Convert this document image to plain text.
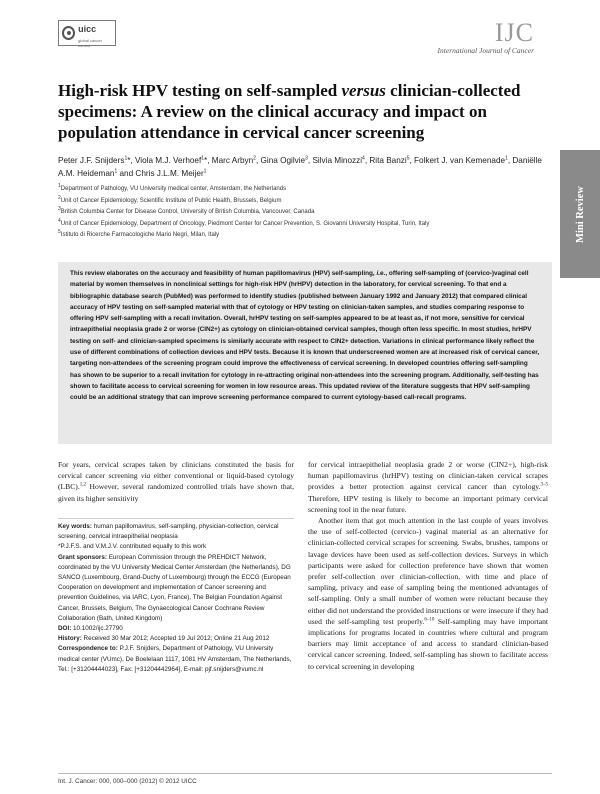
uicc
global cancer control	IJC
International Journal of Cancer
High-risk HPV testing on self-sampled versus clinician-collected specimens: A review on the clinical accuracy and impact on population attendance in cervical cancer screening
Peter J.F. Snijders$^1$*, Viola M.J. Verhoef$^1$*, Marc Arbyn$^2$, Gina Ogilvie$^3$, Silvia Minozzi$^4$, Rita Banzi$^5$, Folkert J. van Kemenade$^1$, Daniëlle A.M. Heideman$^1$ and Chris J.L.M. Meijer$^1$
$^1$Department of Pathology, VU University medical center, Amsterdam, the Netherlands
$^2$Unit of Cancer Epidemiology, Scientific Institute of Public Health, Brussels, Belgium
$^3$British Columbia Center for Disease Control, University of British Columbia, Vancouver, Canada
$^4$Unit of Cancer Epidemiology, Department of Oncology, Piedmont Center for Cancer Prevention, S. Giovanni University Hospital, Turin, Italy
$^5$Istituto di Ricerche Farmacologiche Mario Negri, Milan, Italy	Mini Review
This review elaborates on the accuracy and feasibility of human papillomavirus (HPV) self-sampling, i.e., offering self-sampling of (cervico-)vaginal cell material by women themselves in nonclinical settings for high-risk HPV (hrHPV) detection in the laboratory, for cervical screening. To that end a bibliographic database search (PubMed) was performed to identify studies (published between January 1992 and January 2012) that compared clinical accuracy of HPV testing on self-sampled material with that of cytology or HPV testing on clinician-taken samples, and studies comparing response to offering HPV self-sampling with a recall invitation. Overall, hrHPV testing on self-samples appeared to be at least as, if not more, sensitive for cervical intraepithelial neoplasia grade 2 or worse (CIN2+) as cytology on clinician-obtained cervical samples, though often less specific. In most studies, hrHPV testing on self- and clinician-sampled specimens is similarly accurate with respect to CIN2+ detection. Variations in clinical performance likely reflect the use of different combinations of collection devices and HPV tests. Because it is known that underscreened women are at increased risk of cervical cancer, targeting non-attendees of the screening program could improve the effectiveness of cervical screening. In developed countries offering self-sampling has shown to be superior to a recall invitation for cytology in re-attracting original non-attendees into the screening program. Additionally, self-testing has shown to facilitate access to cervical screening for women in low resource areas. This updated review of the literature suggests that HPV self-sampling could be an additional strategy that can improve screening performance compared to current cytology-based call-recall programs.

For years, cervical scrapes taken by clinicians constituted the basis for cervical cancer screening via either conventional or liquid-based cytology (LBC).$^{1,2}$ However, several randomized controlled trials have shown that, given its higher sensitivity

Key words: human papillomavirus, self-sampling, physician-collection, cervical screening, cervical intraepithelial neoplasia
*P.J.F.S. and V.M.J.V. contributed equally to this work
Grant sponsors: European Commission through the PREHDICT Network, coordinated by the VU University Medical Center Amsterdam (the Netherlands), DG SANCO (Luxembourg, Grand-Duchy of Luxembourg) through the ECCG (European Cooperation on development and implementation of Cancer screening and prevention Guidelines, via IARC, Lyon, France), The Belgian Foundation Against Cancer, Brussels, Belgium, The Gynaecological Cancer Cochrane Review Collaboration (Bath, United Kingdom)
DOI: 10.1002/ijc.27790
History: Received 30 Mar 2012; Accepted 19 Jul 2012; Online 21 Aug 2012
Correspondence to: P.J.F. Snijders, Department of Pathology, VU University medical center (VUmc), De Boelelaan 1117, 1081 HV Amsterdam, The Netherlands, Tel.: [+31204444023], Fax: [+31204442964], E-mail: pjf.snijders@vumc.nl

for cervical intraepithelial neoplasia grade 2 or worse (CIN2+), high-risk human papillomavirus (hrHPV) testing on clinician-taken cervical scrapes provides a better protection against cervical cancer than cytology.$^{3-5}$ Therefore, HPV testing is likely to become an important primary cervical screening tool in the near future.

Another item that got much attention in the last couple of years involves the use of self-collected (cervico-) vaginal material as an alternative for clinician-collected cervical scrapes for screening. Swabs, brushes, tampons or lavage devices have been used as self-collection devices. Surveys in which participants were asked for collection preference have shown that women prefer self-collection over clinician-collection, with time and place of sampling, privacy and ease of sampling being the mentioned advantages of self-sampling. Only a small number of women were reluctant because they either did not understand the provided instructions or were insecure if they had used the self-sampling test properly.$^{6-10}$ Self-sampling may have important implications for programs located in countries where cultural and program barriers may limit acceptance of and access to standard clinician-based cervical cancer screening. Indeed, self-sampling has shown to facilitate access to cervical screening in developing

Int. J. Cancer: 000, 000–000 (2012) © 2012 UICC
